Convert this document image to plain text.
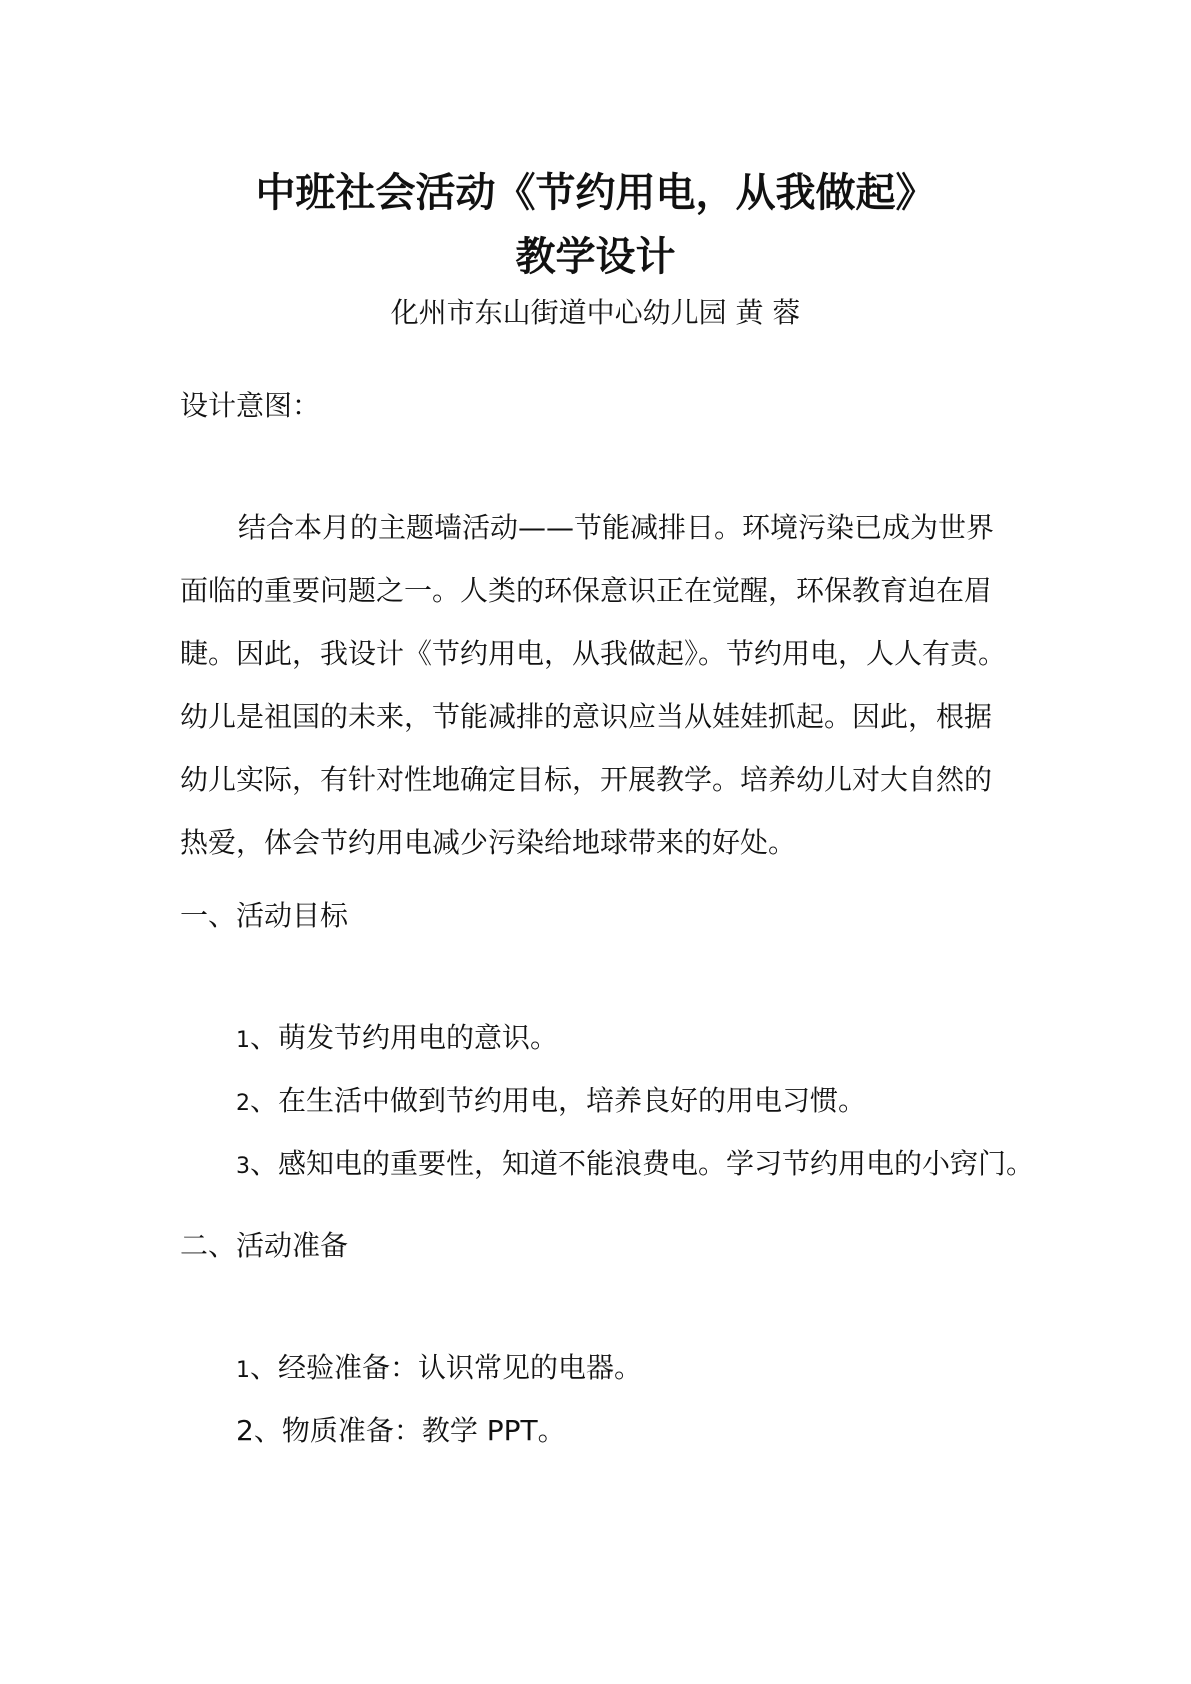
中班社会活动《节约用电，从我做起》
教学设计
化州市东山街道中心幼儿园 黄 蓉
设计意图：
结合本月的主题墙活动——节能减排日。环境污染已成为世界
面临的重要问题之一。人类的环保意识正在觉醒，环保教育迫在眉
睫。因此，我设计《节约用电，从我做起》。节约用电，人人有责。
幼儿是祖国的未来，节能减排的意识应当从娃娃抓起。因此，根据
幼儿实际，有针对性地确定目标，开展教学。培养幼儿对大自然的
热爱，体会节约用电减少污染给地球带来的好处。
一、活动目标
1、萌发节约用电的意识。
2、在生活中做到节约用电，培养良好的用电习惯。
3、感知电的重要性，知道不能浪费电。学习节约用电的小窍门。
二、活动准备
1、经验准备：认识常见的电器。
2、物质准备：教学 PPT。
